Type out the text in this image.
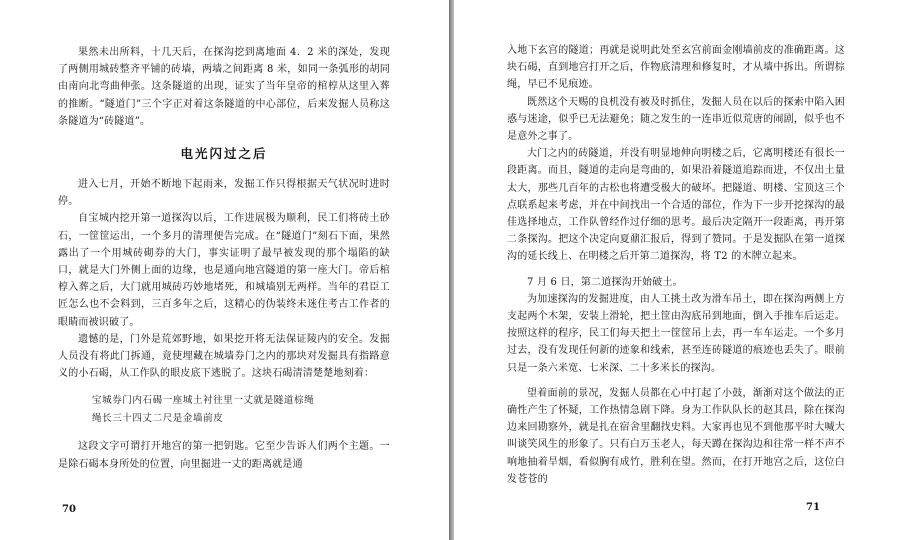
果然未出所料，十几天后，在探沟挖到离地面 4．2 米的深处，发现了两侧用城砖整齐平铺的砖墙，两墙之间距离 8 米，如同一条弧形的胡同由南向北弯曲伸张。这条隧道的出现，证实了当年皇帝的棺椁从这里入葬的推断。“隧道门”三个字正对着这条隧道的中心部位，后来发掘人员称这条隧道为“砖隧道”。

电光闪过之后

进入七月，开始不断地下起雨来，发掘工作只得根据天气状况时进时停。

自宝城内挖开第一道探沟以后，工作进展极为顺利，民工们将砖土砂石，一筐筐运出，一个多月的清理便告完成。在“隧道门”刻石下面，果然露出了一个用城砖砌券的大门，事实证明了最早被发现的那个塌陷的缺口，就是大门外侧上面的边缘，也是通向地宫隧道的第一座大门。帝后棺椁入葬之后，大门就用城砖巧妙地堵死，和城墙别无两样。当年的君臣工匠怎么也不会料到，三百多年之后，这精心的伪装终未迷住考古工作者的眼睛而被识破了。

遗憾的是，门外是荒郊野地，如果挖开将无法保证陵内的安全。发掘人员没有将此门拆通，竟使埋藏在城墙券门之内的那块对发掘具有指路意义的小石碣，从工作队的眼皮底下逃脱了。这块石碣清清楚楚地刻着：

宝城券门内石碣一座城土衬往里一丈就是隧道棕绳
绳长三十四丈二尺是金墙前皮

这段文字可谓打开地宫的第一把钥匙。它至少告诉人们两个主题。一是除石碣本身所处的位置，向里掘进一丈的距离就是通

70

入地下玄宫的隧道；再就是说明此处至玄宫前面金刚墙前皮的准确距离。这块石碣，直到地宫打开之后，作物底清理和修复时，才从墙中拆出。所谓棕绳，早已不见痕迹。

既然这个天赐的良机没有被及时抓住，发掘人员在以后的探索中陷入困惑与迷途，似乎已无法避免；随之发生的一连串近似荒唐的闹剧，似乎也不是意外之事了。

大门之内的砖隧道，并没有明显地伸向明楼之后，它离明楼还有很长一段距离。而且，隧道的走向是弯曲的，如果沿着隧道追踪而进，不仅出土量太大，那些几百年的古松也将遭受极大的破坏。把隧道、明楼、宝顶这三个点联系起来考虑，并在中间找出一个合适的部位，作为下一步开挖探沟的最佳选择地点，工作队曾经作过仔细的思考。最后决定隔开一段距离，再开第二条探沟。把这个决定向夏鼐汇报后，得到了赞同。于是发掘队在第一道探沟的延长线上、在明楼之后开第二道探沟，将 T2 的木牌立起来。

7 月 6 日，第二道探沟开始破土。

为加速探沟的发掘进度，由人工挑土改为滑车吊土，即在探沟两侧上方支起两个木架，安装上滑轮，把土筐由沟底吊到地面，倒入手推车后运走。按照这样的程序，民工们每天把土一筐筐吊上去，再一车车运走。一个多月过去，没有发现任何新的迹象和线索，甚至连砖隧道的痕迹也丢失了。眼前只是一条六米宽、七米深、二十多米长的探沟。

望着面前的景况，发掘人员都在心中打起了小鼓，渐渐对这个做法的正确性产生了怀疑，工作热情急剧下降。身为工作队队长的赵其昌，除在探沟边来回勘察外，就是扎在宿舍里翻找史料。大家再也见不到他那平时大喊大叫谈笑风生的形象了。只有白万玉老人，每天蹲在探沟边和往常一样不声不响地抽着旱烟，看似胸有成竹，胜利在望。然而，在打开地宫之后，这位白发苍苍的

71
